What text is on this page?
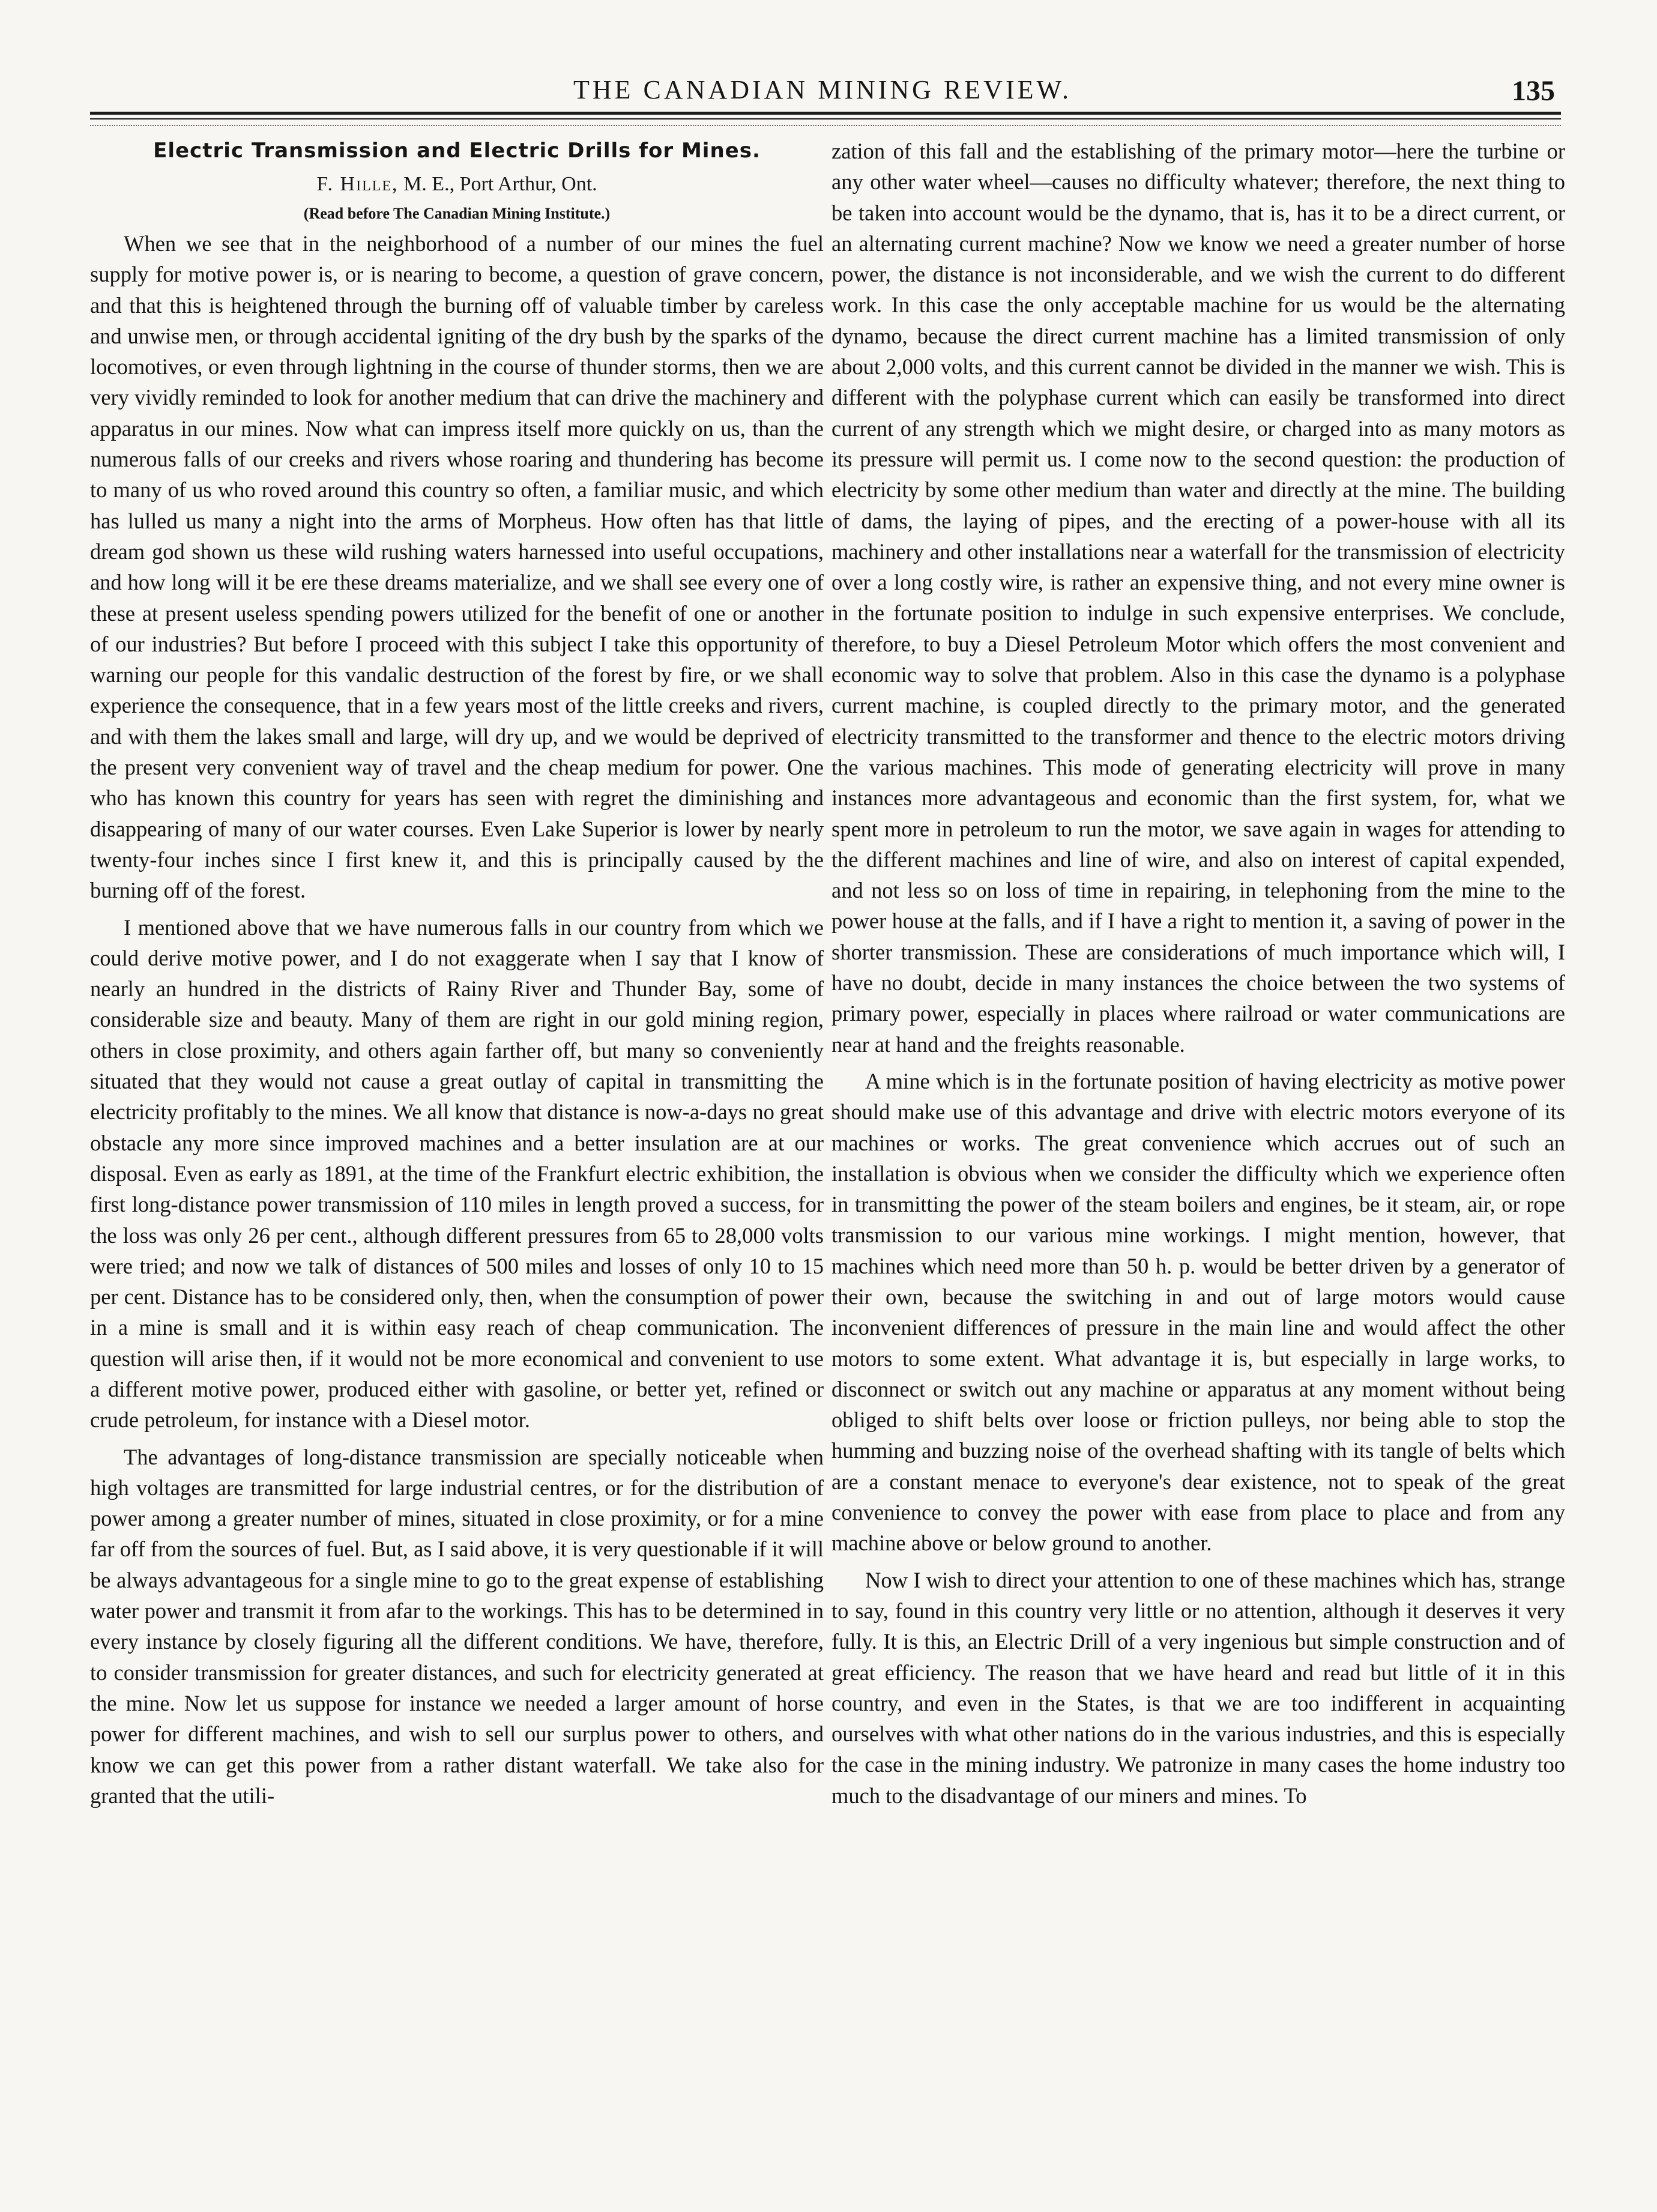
THE CANADIAN MINING REVIEW.	135
Electric Transmission and Electric Drills for Mines.
F. Hille, M. E., Port Arthur, Ont.
(Read before The Canadian Mining Institute.)

When we see that in the neighborhood of a number of our mines the fuel supply for motive power is, or is nearing to become, a question of grave concern, and that this is heightened through the burning off of valuable timber by careless and unwise men, or through accidental igniting of the dry bush by the sparks of the locomotives, or even through lightning in the course of thunder storms, then we are very vividly reminded to look for another medium that can drive the machinery and apparatus in our mines. Now what can impress itself more quickly on us, than the numerous falls of our creeks and rivers whose roaring and thundering has become to many of us who roved around this country so often, a familiar music, and which has lulled us many a night into the arms of Morpheus. How often has that little dream god shown us these wild rushing waters harnessed into useful occupations, and how long will it be ere these dreams materialize, and we shall see every one of these at present useless spending powers utilized for the benefit of one or another of our industries? But before I proceed with this subject I take this opportunity of warning our people for this vandalic destruction of the forest by fire, or we shall experience the consequence, that in a few years most of the little creeks and rivers, and with them the lakes small and large, will dry up, and we would be deprived of the present very convenient way of travel and the cheap medium for power. One who has known this country for years has seen with regret the diminishing and disappearing of many of our water courses. Even Lake Superior is lower by nearly twenty-four inches since I first knew it, and this is principally caused by the burning off of the forest.

I mentioned above that we have numerous falls in our country from which we could derive motive power, and I do not exaggerate when I say that I know of nearly an hundred in the districts of Rainy River and Thunder Bay, some of considerable size and beauty. Many of them are right in our gold mining region, others in close proximity, and others again farther off, but many so conveniently situated that they would not cause a great outlay of capital in transmitting the electricity profitably to the mines. We all know that distance is now-a-days no great obstacle any more since improved machines and a better insulation are at our disposal. Even as early as 1891, at the time of the Frankfurt electric exhibition, the first long-distance power transmission of 110 miles in length proved a success, for the loss was only 26 per cent., although different pressures from 65 to 28,000 volts were tried; and now we talk of distances of 500 miles and losses of only 10 to 15 per cent. Distance has to be considered only, then, when the consumption of power in a mine is small and it is within easy reach of cheap communication. The question will arise then, if it would not be more economical and convenient to use a different motive power, produced either with gasoline, or better yet, refined or crude petroleum, for instance with a Diesel motor.

The advantages of long-distance transmission are specially noticeable when high voltages are transmitted for large industrial centres, or for the distribution of power among a greater number of mines, situated in close proximity, or for a mine far off from the sources of fuel. But, as I said above, it is very questionable if it will be always advantageous for a single mine to go to the great expense of establishing water power and transmit it from afar to the workings. This has to be determined in every instance by closely figuring all the different conditions. We have, therefore, to consider transmission for greater distances, and such for electricity generated at the mine. Now let us suppose for instance we needed a larger amount of horse power for different machines, and wish to sell our surplus power to others, and know we can get this power from a rather distant waterfall. We take also for granted that the utili-

zation of this fall and the establishing of the primary motor—here the turbine or any other water wheel—causes no difficulty whatever; therefore, the next thing to be taken into account would be the dynamo, that is, has it to be a direct current, or an alternating current machine? Now we know we need a greater number of horse power, the distance is not inconsiderable, and we wish the current to do different work. In this case the only acceptable machine for us would be the alternating dynamo, because the direct current machine has a limited transmission of only about 2,000 volts, and this current cannot be divided in the manner we wish. This is different with the polyphase current which can easily be transformed into direct current of any strength which we might desire, or charged into as many motors as its pressure will permit us. I come now to the second question: the production of electricity by some other medium than water and directly at the mine. The building of dams, the laying of pipes, and the erecting of a power-house with all its machinery and other installations near a waterfall for the transmission of electricity over a long costly wire, is rather an expensive thing, and not every mine owner is in the fortunate position to indulge in such expensive enterprises. We conclude, therefore, to buy a Diesel Petroleum Motor which offers the most convenient and economic way to solve that problem. Also in this case the dynamo is a polyphase current machine, is coupled directly to the primary motor, and the generated electricity transmitted to the transformer and thence to the electric motors driving the various machines. This mode of generating electricity will prove in many instances more advantageous and economic than the first system, for, what we spent more in petroleum to run the motor, we save again in wages for attending to the different machines and line of wire, and also on interest of capital expended, and not less so on loss of time in repairing, in telephoning from the mine to the power house at the falls, and if I have a right to mention it, a saving of power in the shorter transmission. These are considerations of much importance which will, I have no doubt, decide in many instances the choice between the two systems of primary power, especially in places where railroad or water communications are near at hand and the freights reasonable.

A mine which is in the fortunate position of having electricity as motive power should make use of this advantage and drive with electric motors everyone of its machines or works. The great convenience which accrues out of such an installation is obvious when we consider the difficulty which we experience often in transmitting the power of the steam boilers and engines, be it steam, air, or rope transmission to our various mine workings. I might mention, however, that machines which need more than 50 h. p. would be better driven by a generator of their own, because the switching in and out of large motors would cause inconvenient differences of pressure in the main line and would affect the other motors to some extent. What advantage it is, but especially in large works, to disconnect or switch out any machine or apparatus at any moment without being obliged to shift belts over loose or friction pulleys, nor being able to stop the humming and buzzing noise of the overhead shafting with its tangle of belts which are a constant menace to everyone's dear existence, not to speak of the great convenience to convey the power with ease from place to place and from any machine above or below ground to another.

Now I wish to direct your attention to one of these machines which has, strange to say, found in this country very little or no attention, although it deserves it very fully. It is this, an Electric Drill of a very ingenious but simple construction and of great efficiency. The reason that we have heard and read but little of it in this country, and even in the States, is that we are too indifferent in acquainting ourselves with what other nations do in the various industries, and this is especially the case in the mining industry. We patronize in many cases the home industry too much to the disadvantage of our miners and mines. To
